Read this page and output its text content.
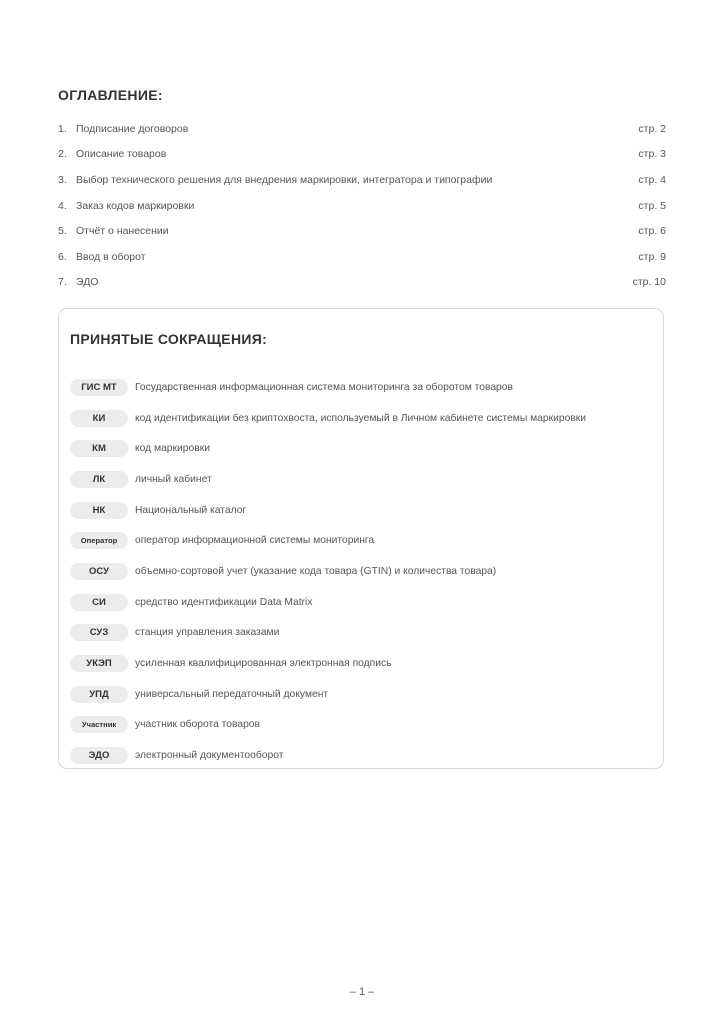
ОГЛАВЛЕНИЕ:
1. Подписание договоров	стр. 2
2. Описание товаров	стр. 3
3. Выбор технического решения для внедрения маркировки, интегратора и типографии	стр. 4
4. Заказ кодов маркировки	стр. 5
5. Отчёт о нанесении	стр. 6
6. Ввод в оборот	стр. 9
7. ЭДО	стр. 10
ПРИНЯТЫЕ СОКРАЩЕНИЯ:
ГИС МТ	Государственная информационная система мониторинга за оборотом товаров
КИ	код идентификации без криптохвоста, используемый в Личном кабинете системы маркировки
КМ	код маркировки
ЛК	личный кабинет
НК	Национальный каталог
Оператор	оператор информационной системы мониторинга
ОСУ	объемно-сортовой учет (указание кода товара (GTIN) и количества товара)
СИ	средство идентификации Data Matrix
СУЗ	станция управления заказами
УКЭП	усиленная квалифицированная электронная подпись
УПД	универсальный передаточный документ
Участник	участник оборота товаров
ЭДО	электронный документооборот
– 1 –
